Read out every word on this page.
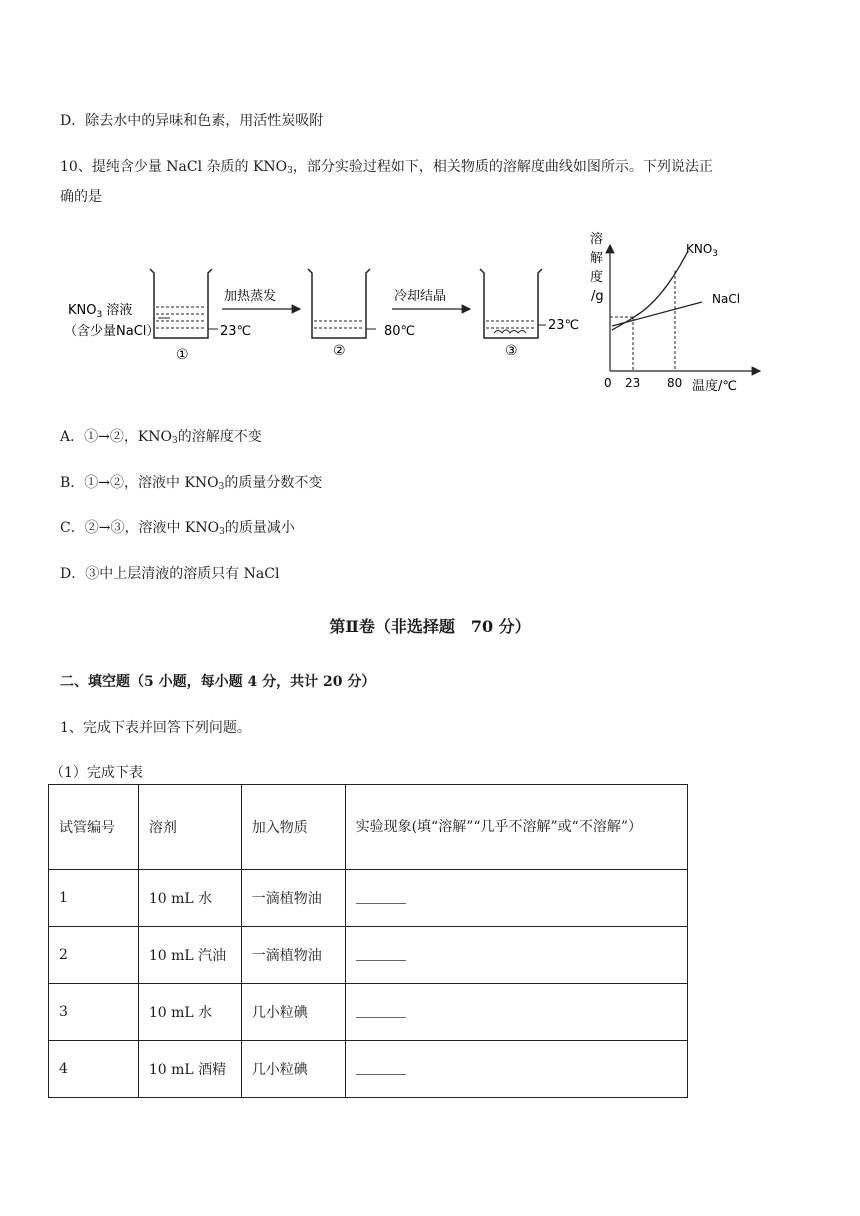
D．除去水中的异味和色素，用活性炭吸附
10、提纯含少量 NaCl 杂质的 $KNO_3$，部分实验过程如下，相关物质的溶解度曲线如图所示。下列说法正
确的是
$KNO_3$ 溶液
（含少量NaCl）	23℃
①
加热蒸发
80℃
②
冷却结晶
23℃
③
溶
解
度
/g
$KNO_3$
NaCl
0 23 80 温度/℃
A．①→②，$KNO_3$的溶解度不变
B．①→②，溶液中 $KNO_3$的质量分数不变
C．②→③，溶液中 $KNO_3$的质量减小
D．③中上层清液的溶质只有 NaCl
第Ⅱ卷（非选择题　70 分）
二、填空题（5 小题，每小题 4 分，共计 20 分）
1、完成下表并回答下列问题。
（1）完成下表
试管编号	溶剂	加入物质	实验现象(填“溶解”“几乎不溶解”或“不溶解”）
1	10 mL 水	一滴植物油	
2	10 mL 汽油	一滴植物油	
3	10 mL 水	几小粒碘	
4	10 mL 酒精	几小粒碘	
